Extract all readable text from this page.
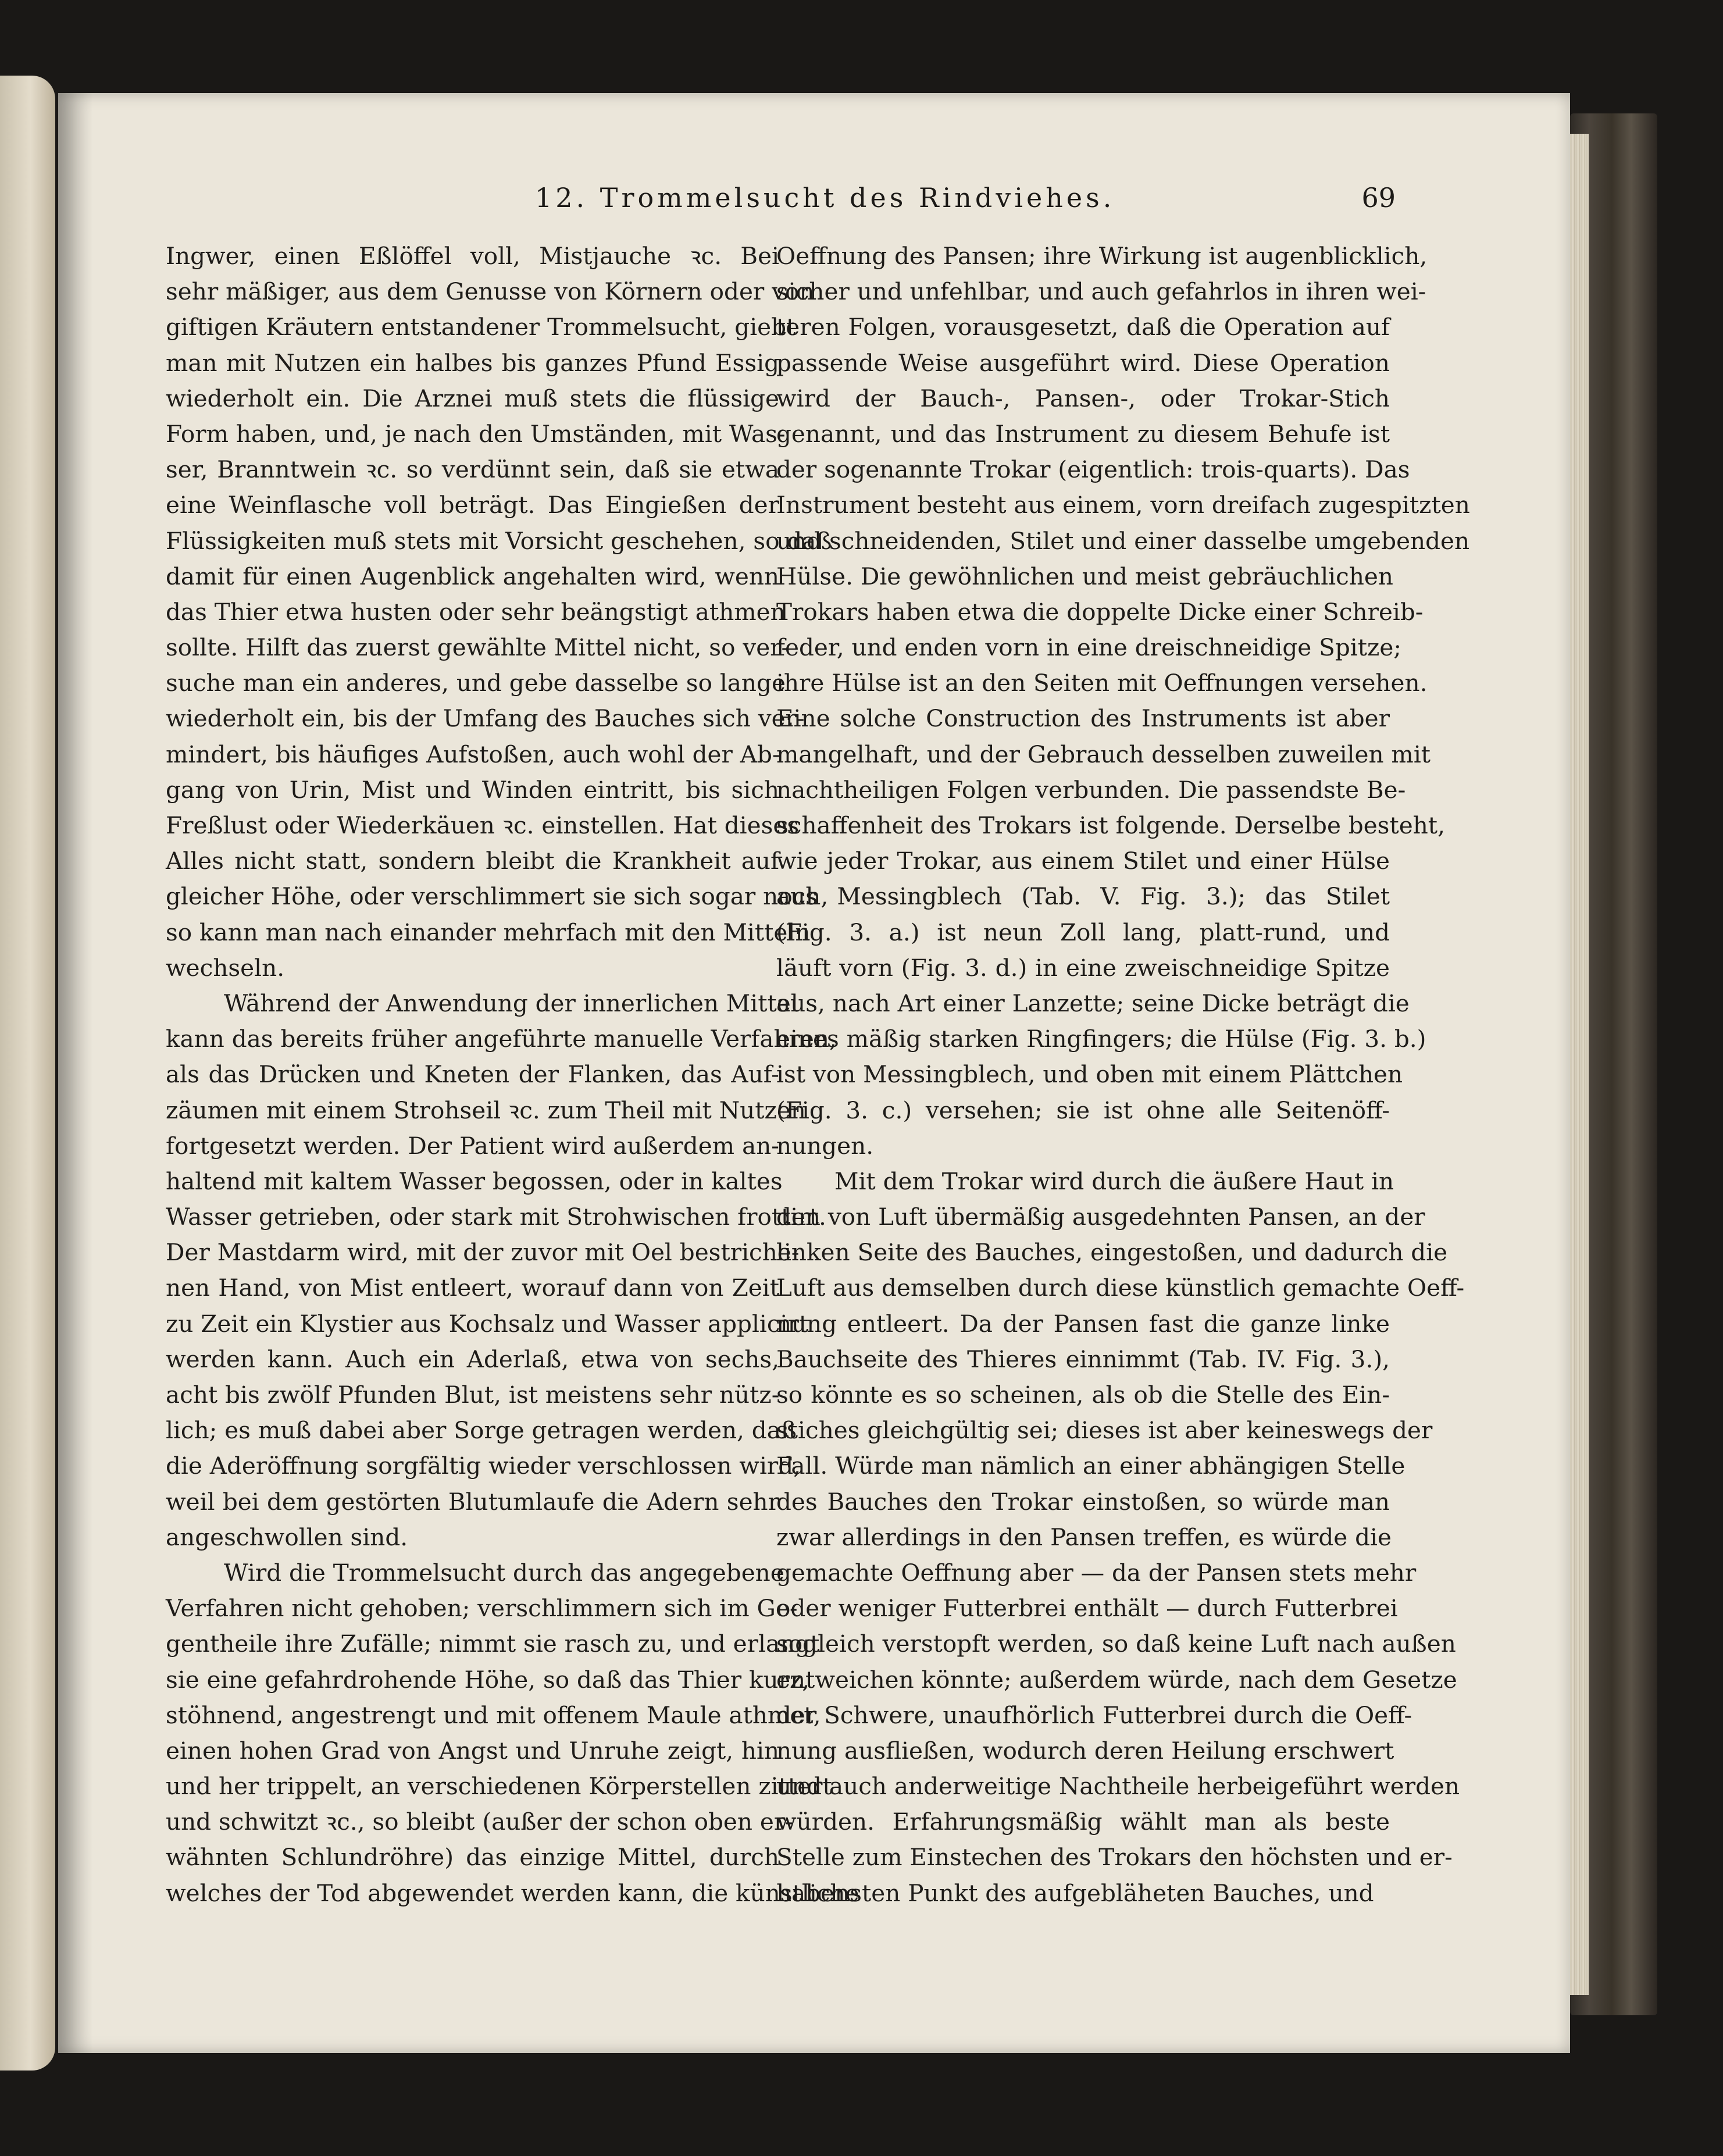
12. Trommelsucht des Rindviehes.	69
Ingwer, einen Eßlöffel voll, Mistjauche ꝛc. Bei
sehr mäßiger, aus dem Genusse von Körnern oder von
giftigen Kräutern entstandener Trommelsucht, giebt
man mit Nutzen ein halbes bis ganzes Pfund Essig
wiederholt ein. Die Arznei muß stets die flüssige
Form haben, und, je nach den Umständen, mit Was-
ser, Branntwein ꝛc. so verdünnt sein, daß sie etwa
eine Weinflasche voll beträgt. Das Eingießen der
Flüssigkeiten muß stets mit Vorsicht geschehen, so daß
damit für einen Augenblick angehalten wird, wenn
das Thier etwa husten oder sehr beängstigt athmen
sollte. Hilft das zuerst gewählte Mittel nicht, so ver-
suche man ein anderes, und gebe dasselbe so lange
wiederholt ein, bis der Umfang des Bauches sich ver-
mindert, bis häufiges Aufstoßen, auch wohl der Ab-
gang von Urin, Mist und Winden eintritt, bis sich
Freßlust oder Wiederkäuen ꝛc. einstellen. Hat dieses
Alles nicht statt, sondern bleibt die Krankheit auf
gleicher Höhe, oder verschlimmert sie sich sogar noch,
so kann man nach einander mehrfach mit den Mitteln
wechseln.
Während der Anwendung der innerlichen Mittel
kann das bereits früher angeführte manuelle Verfahren,
als das Drücken und Kneten der Flanken, das Auf-
zäumen mit einem Strohseil ꝛc. zum Theil mit Nutzen
fortgesetzt werden. Der Patient wird außerdem an-
haltend mit kaltem Wasser begossen, oder in kaltes
Wasser getrieben, oder stark mit Strohwischen frottirt.
Der Mastdarm wird, mit der zuvor mit Oel bestriche-
nen Hand, von Mist entleert, worauf dann von Zeit
zu Zeit ein Klystier aus Kochsalz und Wasser applicirt
werden kann. Auch ein Aderlaß, etwa von sechs,
acht bis zwölf Pfunden Blut, ist meistens sehr nütz-
lich; es muß dabei aber Sorge getragen werden, daß
die Aderöffnung sorgfältig wieder verschlossen wird,
weil bei dem gestörten Blutumlaufe die Adern sehr
angeschwollen sind.
Wird die Trommelsucht durch das angegebene
Verfahren nicht gehoben; verschlimmern sich im Ge-
gentheile ihre Zufälle; nimmt sie rasch zu, und erlangt
sie eine gefahrdrohende Höhe, so daß das Thier kurz,
stöhnend, angestrengt und mit offenem Maule athmet,
einen hohen Grad von Angst und Unruhe zeigt, hin
und her trippelt, an verschiedenen Körperstellen zittert
und schwitzt ꝛc., so bleibt (außer der schon oben er-
wähnten Schlundröhre) das einzige Mittel, durch
welches der Tod abgewendet werden kann, die künstliche
Oeffnung des Pansen; ihre Wirkung ist augenblicklich,
sicher und unfehlbar, und auch gefahrlos in ihren wei-
teren Folgen, vorausgesetzt, daß die Operation auf
passende Weise ausgeführt wird. Diese Operation
wird der Bauch-, Pansen-, oder Trokar-Stich
genannt, und das Instrument zu diesem Behufe ist
der sogenannte Trokar (eigentlich: trois-quarts). Das
Instrument besteht aus einem, vorn dreifach zugespitzten
und schneidenden, Stilet und einer dasselbe umgebenden
Hülse. Die gewöhnlichen und meist gebräuchlichen
Trokars haben etwa die doppelte Dicke einer Schreib-
feder, und enden vorn in eine dreischneidige Spitze;
ihre Hülse ist an den Seiten mit Oeffnungen versehen.
Eine solche Construction des Instruments ist aber
mangelhaft, und der Gebrauch desselben zuweilen mit
nachtheiligen Folgen verbunden. Die passendste Be-
schaffenheit des Trokars ist folgende. Derselbe besteht,
wie jeder Trokar, aus einem Stilet und einer Hülse
aus Messingblech (Tab. V. Fig. 3.); das Stilet
(Fig. 3. a.) ist neun Zoll lang, platt-rund, und
läuft vorn (Fig. 3. d.) in eine zweischneidige Spitze
aus, nach Art einer Lanzette; seine Dicke beträgt die
eines mäßig starken Ringfingers; die Hülse (Fig. 3. b.)
ist von Messingblech, und oben mit einem Plättchen
(Fig. 3. c.) versehen; sie ist ohne alle Seitenöff-
nungen.
Mit dem Trokar wird durch die äußere Haut in
den von Luft übermäßig ausgedehnten Pansen, an der
linken Seite des Bauches, eingestoßen, und dadurch die
Luft aus demselben durch diese künstlich gemachte Oeff-
nung entleert. Da der Pansen fast die ganze linke
Bauchseite des Thieres einnimmt (Tab. IV. Fig. 3.),
so könnte es so scheinen, als ob die Stelle des Ein-
stiches gleichgültig sei; dieses ist aber keineswegs der
Fall. Würde man nämlich an einer abhängigen Stelle
des Bauches den Trokar einstoßen, so würde man
zwar allerdings in den Pansen treffen, es würde die
gemachte Oeffnung aber — da der Pansen stets mehr
oder weniger Futterbrei enthält — durch Futterbrei
sogleich verstopft werden, so daß keine Luft nach außen
entweichen könnte; außerdem würde, nach dem Gesetze
der Schwere, unaufhörlich Futterbrei durch die Oeff-
nung ausfließen, wodurch deren Heilung erschwert
und auch anderweitige Nachtheile herbeigeführt werden
würden. Erfahrungsmäßig wählt man als beste
Stelle zum Einstechen des Trokars den höchsten und er-
habensten Punkt des aufgebläheten Bauches, und
